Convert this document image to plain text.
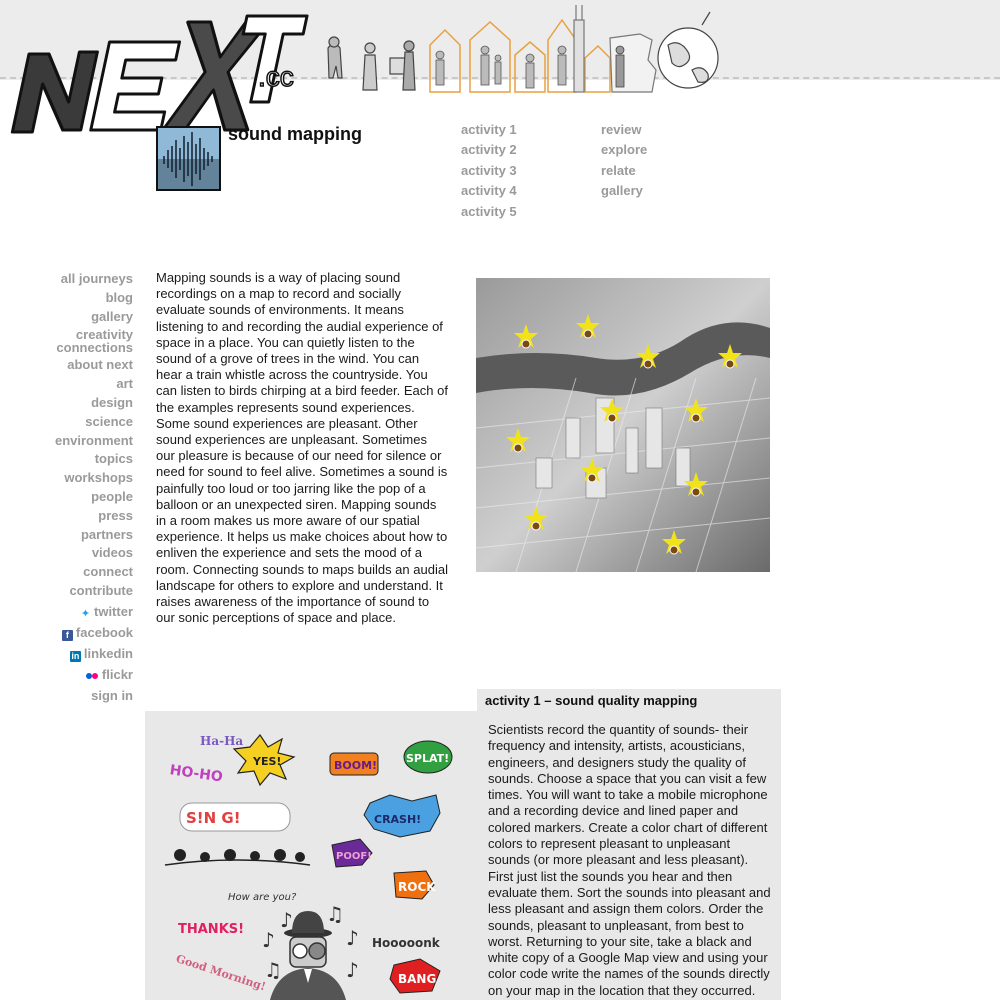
.cc
sound mapping	activity 1
activity 2
activity 3
activity 4
activity 5
review
explore
relate
gallery
all journeys
blog
gallery
creativity connections
about next
art
design
science
environment
topics
workshops
people
press
partners
videos
connect
contribute
✦ twitter
f facebook
in linkedin
flickr
sign in

Mapping sounds is a way of placing sound recordings on a map to record and socially evaluate sounds of environments. It means listening to and recording the audial experience of space in a place. You can quietly listen to the sound of a grove of trees in the wind. You can hear a train whistle across the countryside. You can listen to birds chirping at a bird feeder. Each of the examples represents sound experiences. Some sound experiences are pleasant. Other sound experiences are unpleasant. Sometimes our pleasure is because of our need for silence or need for sound to feel alive. Sometimes a sound is painfully too loud or too jarring like the pop of a balloon or an unexpected siren. Mapping sounds in a room makes us more aware of our spatial experience. It helps us make choices about how to enliven the experience and sets the mood of a room. Connecting sounds to maps builds an audial landscape for others to explore and understand. It raises awareness of the importance of sound to our sonic perceptions of space and place.

activity 1 – sound quality mapping

Scientists record the quantity of sounds- their frequency and intensity, artists, acousticians, engineers, and designers study the quality of sounds. Choose a space that you can visit a few times. You will want to take a mobile microphone and a recording device and lined paper and colored markers. Create a color chart of different colors to represent pleasant to unpleasant sounds (or more pleasant and less pleasant). First just list the sounds you hear and then evaluate them. Sort the sounds into pleasant and less pleasant and assign them colors. Order the sounds, pleasant to unpleasant, from best to worst. Returning to your site, take a black and white copy of a Google Map view and using your color code write the names of the sounds directly on your map in the location that they occurred.

Ha-Ha
HO-HO
YES!	BOOM!
SPLAT!
S!N G!	CRASH!
POOF!
How are you?
ROCK
THANKS!
Hooooonk
Good Morning!	BANG
♪ ♫
♪	♪
♫	♪
